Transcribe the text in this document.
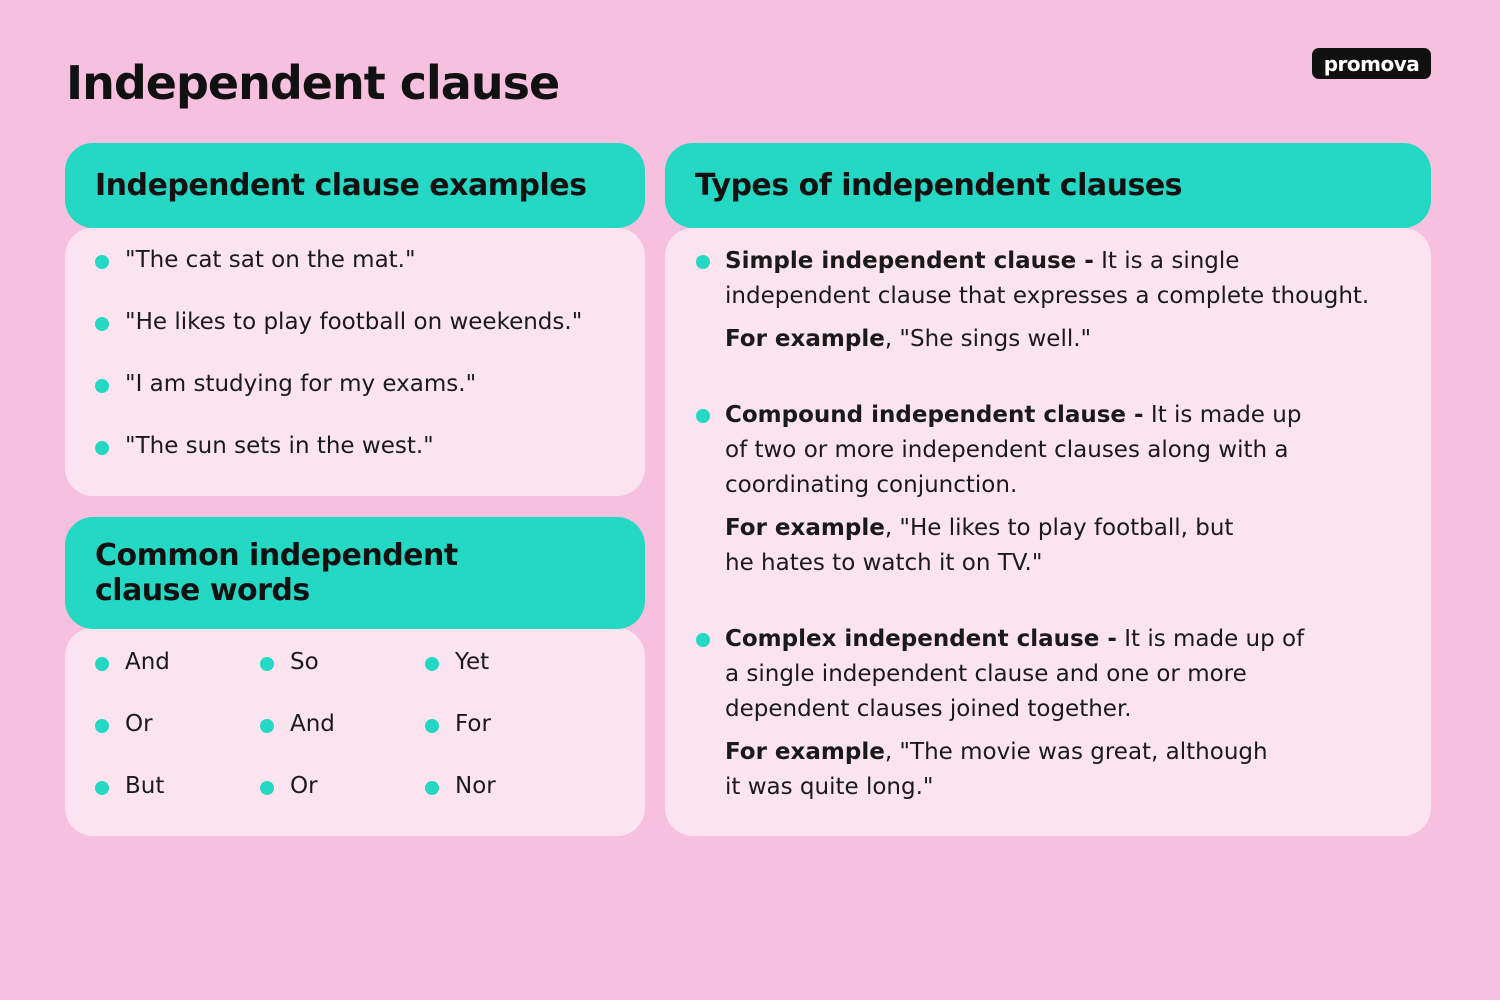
Independent clause	promova
Independent clause examples
"The cat sat on the mat."
"He likes to play football on weekends."
"I am studying for my exams."
"The sun sets in the west."
Common independent
clause words
And	So	Yet
Or	And	For
But	Or	Nor
Types of independent clauses
Simple independent clause - It is a single independent clause that expresses a complete thought.
For example, "She sings well."
Compound independent clause - It is made up of two or more independent clauses along with a coordinating conjunction.
For example, "He likes to play football, but he hates to watch it on TV."
Complex independent clause - It is made up of a single independent clause and one or more dependent clauses joined together.
For example, "The movie was great, although it was quite long."
